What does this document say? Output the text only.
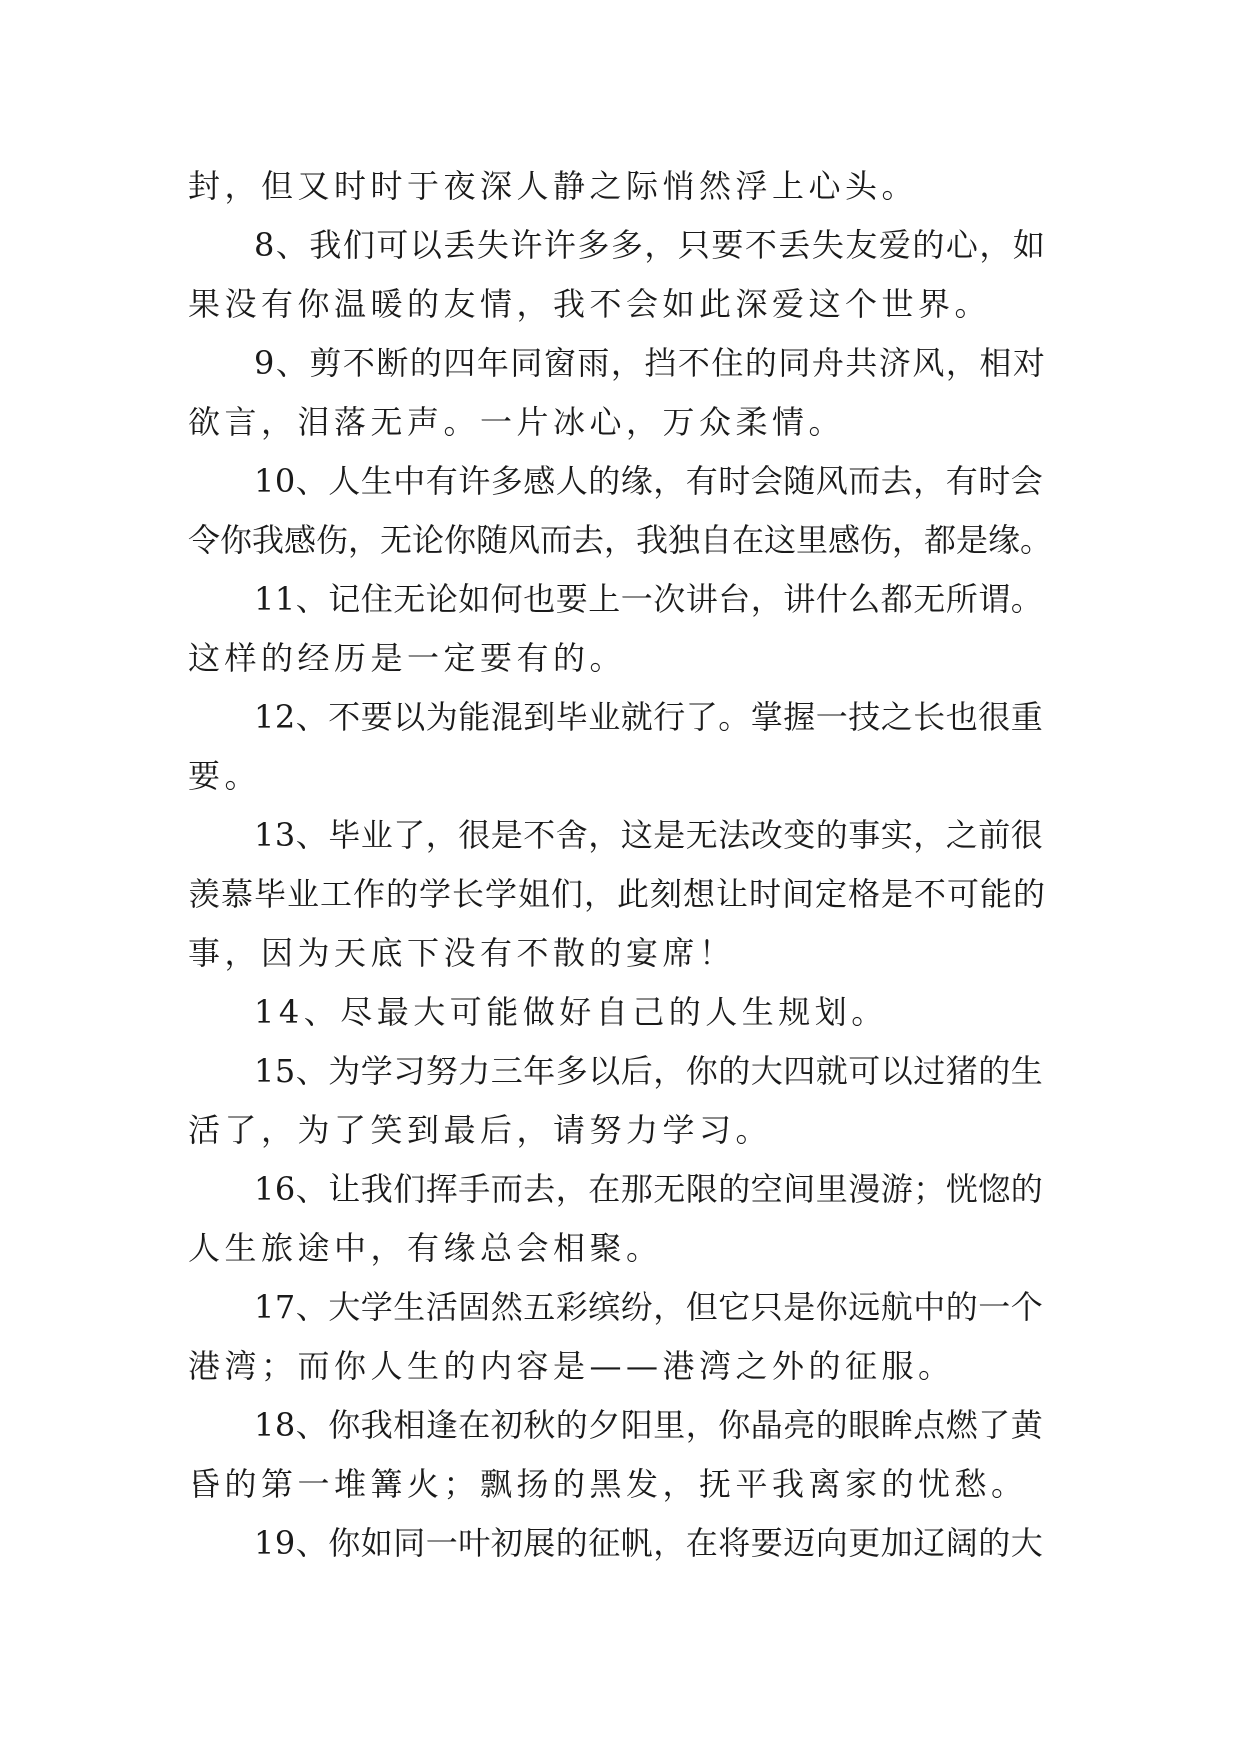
封，但又时时于夜深人静之际悄然浮上心头。
8、我们可以丢失许许多多，只要不丢失友爱的心，如
果没有你温暖的友情，我不会如此深爱这个世界。
9、剪不断的四年同窗雨，挡不住的同舟共济风，相对
欲言，泪落无声。一片冰心，万众柔情。
10、人生中有许多感人的缘，有时会随风而去，有时会
令你我感伤，无论你随风而去，我独自在这里感伤，都是缘。
11、记住无论如何也要上一次讲台，讲什么都无所谓。
这样的经历是一定要有的。
12、不要以为能混到毕业就行了。掌握一技之长也很重
要。
13、毕业了，很是不舍，这是无法改变的事实，之前很
羡慕毕业工作的学长学姐们，此刻想让时间定格是不可能的
事，因为天底下没有不散的宴席！
14、尽最大可能做好自己的人生规划。
15、为学习努力三年多以后，你的大四就可以过猪的生
活了，为了笑到最后，请努力学习。
16、让我们挥手而去，在那无限的空间里漫游；恍惚的
人生旅途中，有缘总会相聚。
17、大学生活固然五彩缤纷，但它只是你远航中的一个
港湾；而你人生的内容是——港湾之外的征服。
18、你我相逢在初秋的夕阳里，你晶亮的眼眸点燃了黄
昏的第一堆篝火；飘扬的黑发，抚平我离家的忧愁。
19、你如同一叶初展的征帆，在将要迈向更加辽阔的大
